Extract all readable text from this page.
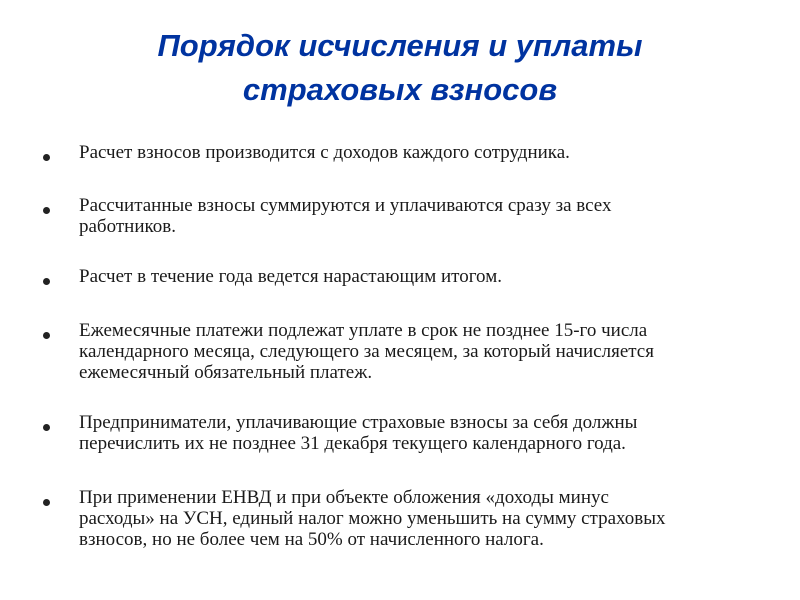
Порядок исчисления и уплаты
страховых взносов
Расчет взносов производится с доходов каждого сотрудника.
Рассчитанные взносы суммируются и уплачиваются сразу за всех
работников.
Расчет в течение года ведется нарастающим итогом.
Ежемесячные платежи подлежат уплате в срок не позднее 15-го числа
календарного месяца, следующего за месяцем, за который начисляется
ежемесячный обязательный платеж.
Предприниматели, уплачивающие страховые взносы за себя должны
перечислить их не позднее 31 декабря текущего календарного года.
При применении ЕНВД и при объекте обложения «доходы минус
расходы» на УСН, единый налог можно уменьшить на сумму страховых
взносов, но не более чем на 50% от начисленного налога.
